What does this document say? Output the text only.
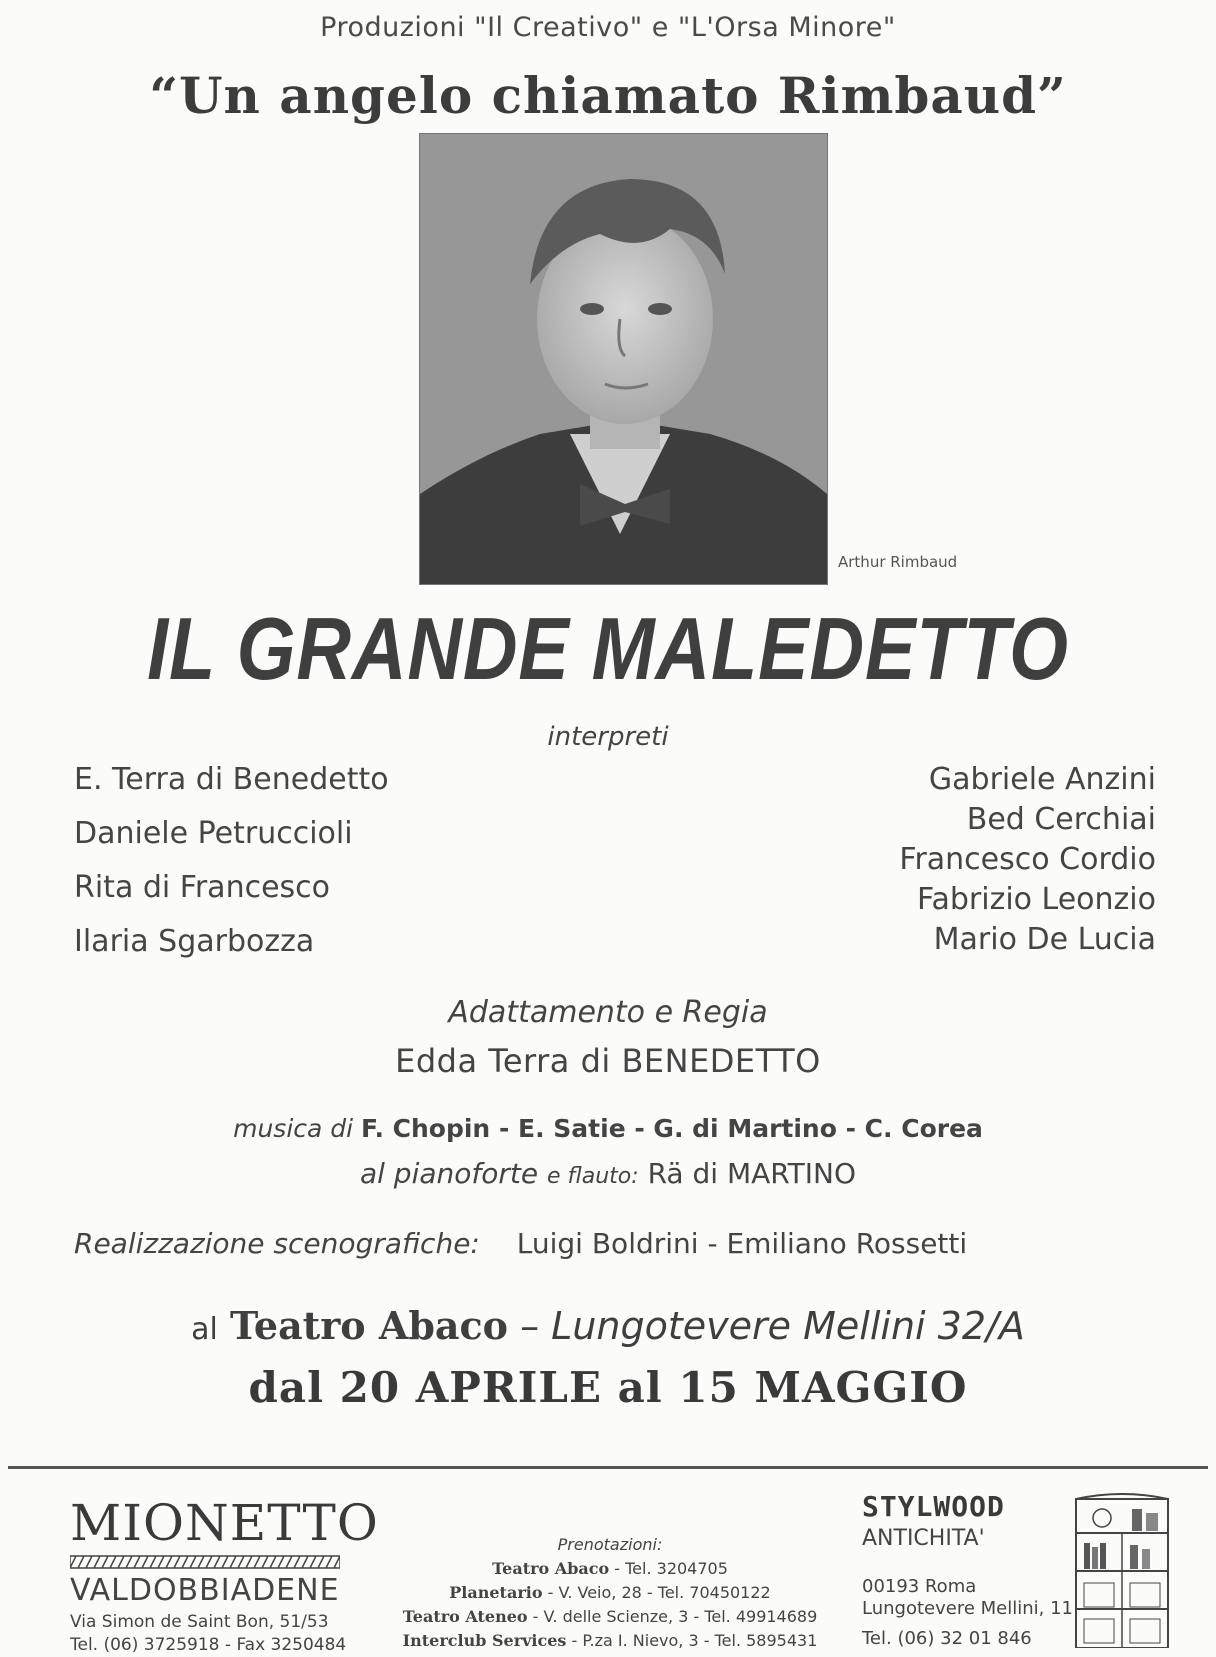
Produzioni "Il Creativo" e "L'Orsa Minore"
“Un angelo chiamato Rimbaud”
Arthur Rimbaud
IL GRANDE MALEDETTO
interpreti
E. Terra di Benedetto
Daniele Petruccioli
Rita di Francesco
Ilaria Sgarbozza
Gabriele Anzini
Bed Cerchiai
Francesco Cordio
Fabrizio Leonzio
Mario De Lucia
Adattamento e Regia
Edda Terra di BENEDETTO
musica di F. Chopin - E. Satie - G. di Martino - C. Corea
al pianoforte e flauto: Rä di MARTINO
Realizzazione scenografiche: Luigi Boldrini - Emiliano Rossetti
al Teatro Abaco – Lungotevere Mellini 32/A
dal 20 APRILE al 15 MAGGIO
MIONETTO
VALDOBBIADENE
Via Simon de Saint Bon, 51/53
Tel. (06) 3725918 - Fax 3250484
Prenotazioni:
Teatro Abaco - Tel. 3204705
Planetario - V. Veio, 28 - Tel. 70450122
Teatro Ateneo - V. delle Scienze, 3 - Tel. 49914689
Interclub Services - P.za I. Nievo, 3 - Tel. 5895431
STYLWOOD
ANTICHITA'
00193 Roma
Lungotevere Mellini, 11
Tel. (06) 32 01 846
